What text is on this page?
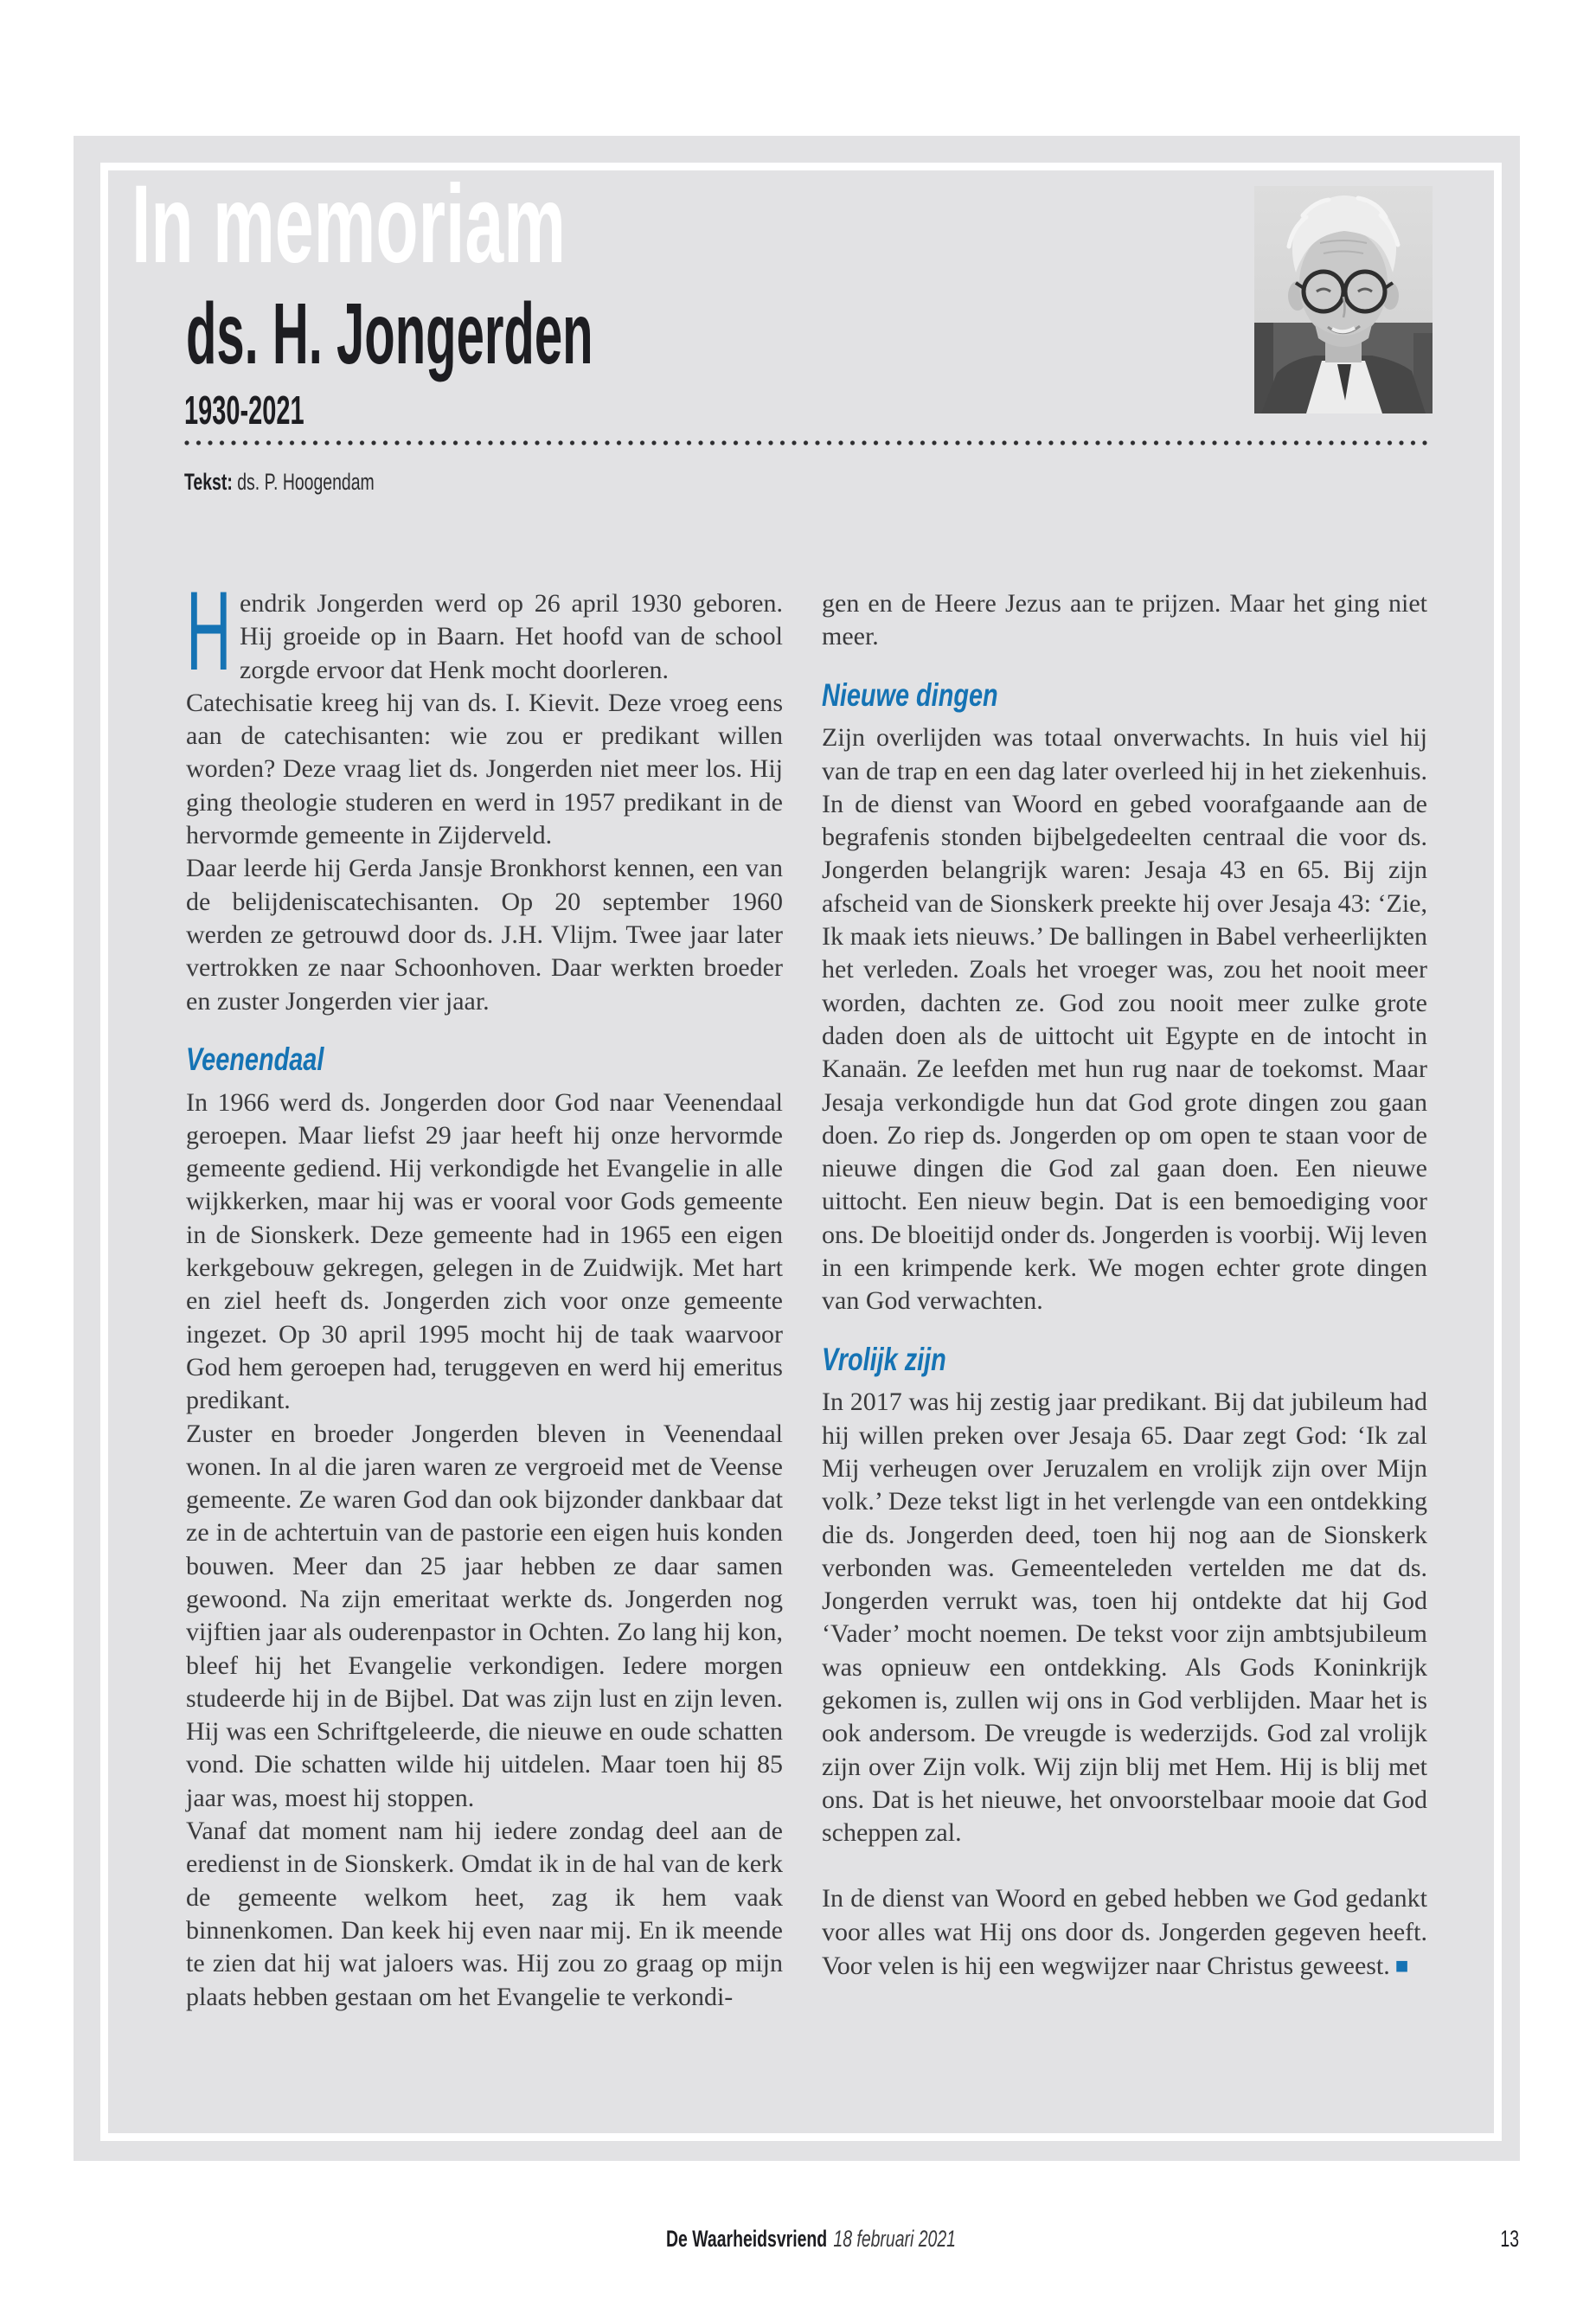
In memoriam
ds. H. Jongerden
1930-2021
Tekst: ds. P. Hoogendam

Hendrik Jongerden werd op 26 april 1930 geboren. Hij groeide op in Baarn. Het hoofd van de school zorgde ervoor dat Henk mocht doorleren.

Catechisatie kreeg hij van ds. I. Kievit. Deze vroeg eens aan de catechisanten: wie zou er predikant willen worden? Deze vraag liet ds. Jongerden niet meer los. Hij ging theologie studeren en werd in 1957 predikant in de hervormde gemeente in Zijderveld.

Daar leerde hij Gerda Jansje Bronkhorst kennen, een van de belijdeniscatechisanten. Op 20 september 1960 werden ze getrouwd door ds. J.H. Vlijm. Twee jaar later vertrokken ze naar Schoonhoven. Daar werkten broeder en zuster Jongerden vier jaar.

Veenendaal

In 1966 werd ds. Jongerden door God naar Veenendaal geroepen. Maar liefst 29 jaar heeft hij onze hervormde gemeente gediend. Hij verkondigde het Evangelie in alle wijkkerken, maar hij was er vooral voor Gods gemeente in de Sionskerk. Deze gemeente had in 1965 een eigen kerkgebouw gekregen, gelegen in de Zuidwijk. Met hart en ziel heeft ds. Jongerden zich voor onze gemeente ingezet. Op 30 april 1995 mocht hij de taak waarvoor God hem geroepen had, teruggeven en werd hij emeritus predikant.

Zuster en broeder Jongerden bleven in Veenendaal wonen. In al die jaren waren ze vergroeid met de Veense gemeente. Ze waren God dan ook bijzonder dankbaar dat ze in de achtertuin van de pastorie een eigen huis konden bouwen. Meer dan 25 jaar hebben ze daar samen gewoond. Na zijn emeritaat werkte ds. Jongerden nog vijftien jaar als ouderenpastor in Ochten. Zo lang hij kon, bleef hij het Evangelie verkondigen. Iedere morgen studeerde hij in de Bijbel. Dat was zijn lust en zijn leven. Hij was een Schriftgeleerde, die nieuwe en oude schatten vond. Die schatten wilde hij uitdelen. Maar toen hij 85 jaar was, moest hij stoppen.

Vanaf dat moment nam hij iedere zondag deel aan de eredienst in de Sionskerk. Omdat ik in de hal van de kerk de gemeente welkom heet, zag ik hem vaak binnenkomen. Dan keek hij even naar mij. En ik meende te zien dat hij wat jaloers was. Hij zou zo graag op mijn plaats hebben gestaan om het Evangelie te verkondi-

gen en de Heere Jezus aan te prijzen. Maar het ging niet meer.

Nieuwe dingen

Zijn overlijden was totaal onverwachts. In huis viel hij van de trap en een dag later overleed hij in het ziekenhuis. In de dienst van Woord en gebed voorafgaande aan de begrafenis stonden bijbelgedeelten centraal die voor ds. Jongerden belangrijk waren: Jesaja 43 en 65. Bij zijn afscheid van de Sionskerk preekte hij over Jesaja 43: ‘Zie, Ik maak iets nieuws.’ De ballingen in Babel verheerlijkten het verleden. Zoals het vroeger was, zou het nooit meer worden, dachten ze. God zou nooit meer zulke grote daden doen als de uittocht uit Egypte en de intocht in Kanaän. Ze leefden met hun rug naar de toekomst. Maar Jesaja verkondigde hun dat God grote dingen zou gaan doen. Zo riep ds. Jongerden op om open te staan voor de nieuwe dingen die God zal gaan doen. Een nieuwe uittocht. Een nieuw begin. Dat is een bemoediging voor ons. De bloeitijd onder ds. Jongerden is voorbij. Wij leven in een krimpende kerk. We mogen echter grote dingen van God verwachten.

Vrolijk zijn

In 2017 was hij zestig jaar predikant. Bij dat jubileum had hij willen preken over Jesaja 65. Daar zegt God: ‘Ik zal Mij verheugen over Jeruzalem en vrolijk zijn over Mijn volk.’ Deze tekst ligt in het verlengde van een ontdekking die ds. Jongerden deed, toen hij nog aan de Sionskerk verbonden was. Gemeenteleden vertelden me dat ds. Jongerden verrukt was, toen hij ontdekte dat hij God ‘Vader’ mocht noemen. De tekst voor zijn ambtsjubileum was opnieuw een ontdekking. Als Gods Koninkrijk gekomen is, zullen wij ons in God verblijden. Maar het is ook andersom. De vreugde is wederzijds. God zal vrolijk zijn over Zijn volk. Wij zijn blij met Hem. Hij is blij met ons. Dat is het nieuwe, het onvoorstelbaar mooie dat God scheppen zal.

In de dienst van Woord en gebed hebben we God gedankt voor alles wat Hij ons door ds. Jongerden gegeven heeft. Voor velen is hij een wegwijzer naar Christus geweest. ■

De Waarheidsvriend 18 februari 2021	13
